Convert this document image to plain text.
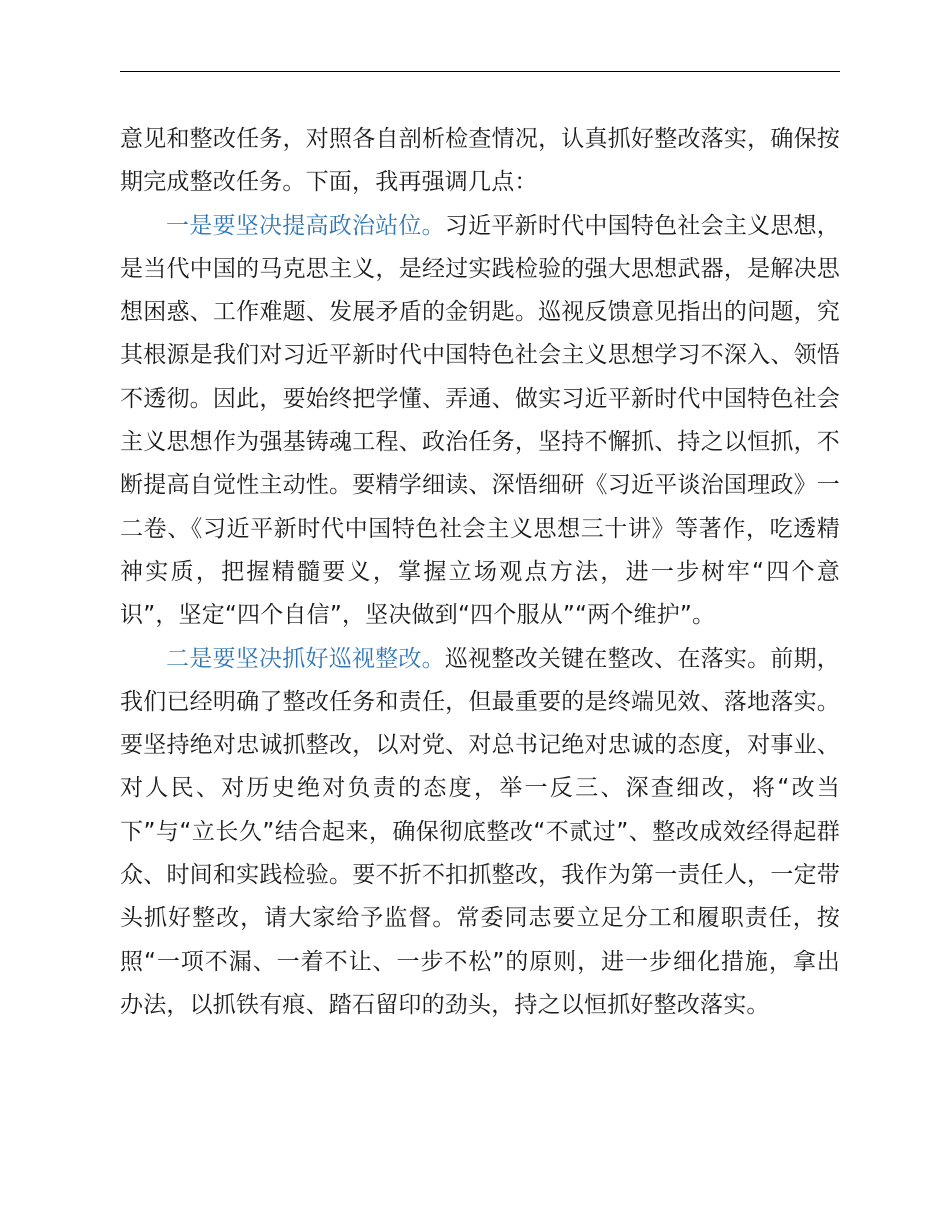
意见和整改任务，对照各自剖析检查情况，认真抓好整改落实，确保按期完成整改任务。下面，我再强调几点：

一是要坚决提高政治站位。习近平新时代中国特色社会主义思想，是当代中国的马克思主义，是经过实践检验的强大思想武器，是解决思想困惑、工作难题、发展矛盾的金钥匙。巡视反馈意见指出的问题，究其根源是我们对习近平新时代中国特色社会主义思想学习不深入、领悟不透彻。因此，要始终把学懂、弄通、做实习近平新时代中国特色社会主义思想作为强基铸魂工程、政治任务，坚持不懈抓、持之以恒抓，不断提高自觉性主动性。要精学细读、深悟细研《习近平谈治国理政》一二卷、《习近平新时代中国特色社会主义思想三十讲》等著作，吃透精神实质，把握精髓要义，掌握立场观点方法，进一步树牢“四个意识”，坚定“四个自信”，坚决做到“四个服从”“两个维护”。

二是要坚决抓好巡视整改。巡视整改关键在整改、在落实。前期，我们已经明确了整改任务和责任，但最重要的是终端见效、落地落实。要坚持绝对忠诚抓整改，以对党、对总书记绝对忠诚的态度，对事业、对人民、对历史绝对负责的态度，举一反三、深查细改，将“改当下”与“立长久”结合起来，确保彻底整改“不贰过”、整改成效经得起群众、时间和实践检验。要不折不扣抓整改，我作为第一责任人，一定带头抓好整改，请大家给予监督。常委同志要立足分工和履职责任，按照“一项不漏、一着不让、一步不松”的原则，进一步细化措施，拿出办法，以抓铁有痕、踏石留印的劲头，持之以恒抓好整改落实。
